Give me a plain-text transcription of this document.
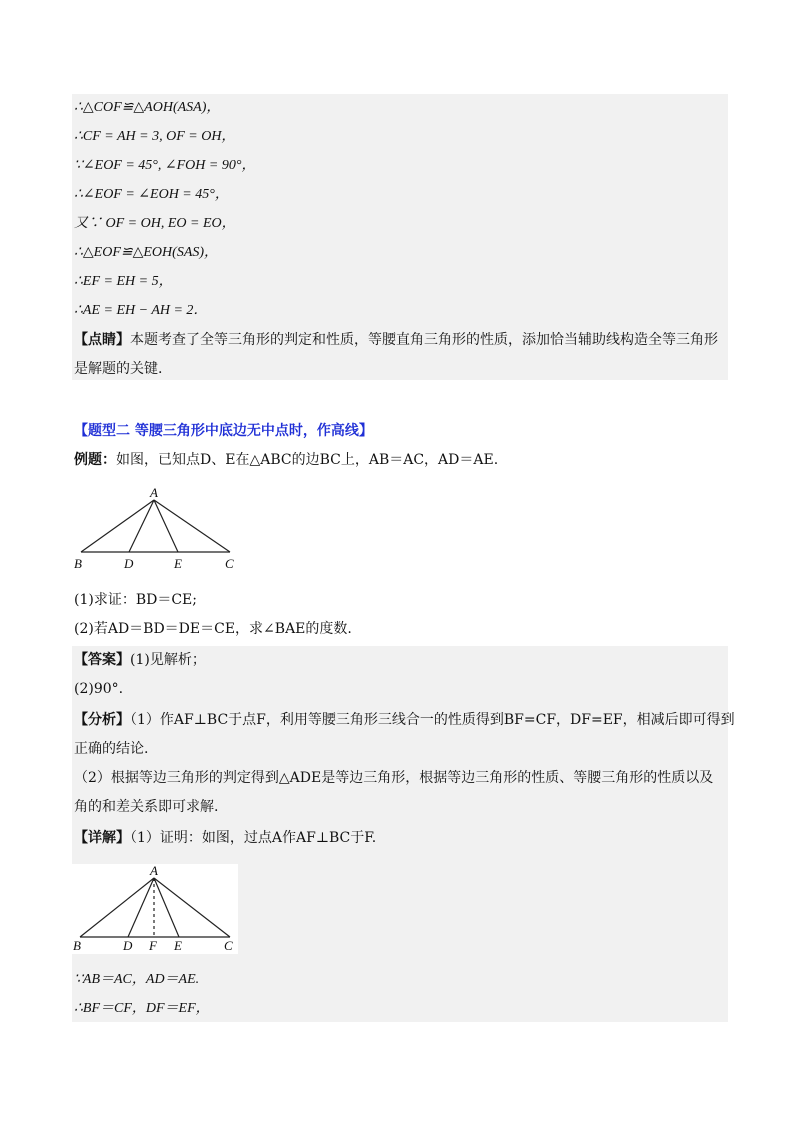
∴△COF≌△AOH(ASA)，
∴CF = AH = 3, OF = OH，
∵∠EOF = 45°, ∠FOH = 90°，
∴∠EOF = ∠EOH = 45°，
又∵ OF = OH, EO = EO，
∴△EOF≌△EOH(SAS)，
∴EF = EH = 5，
∴AE = EH − AH = 2．
【点睛】本题考查了全等三角形的判定和性质，等腰直角三角形的性质，添加恰当辅助线构造全等三角形
是解题的关键.
【题型二 等腰三角形中底边无中点时，作高线】
例题：如图，已知点D、E在△ABC的边BC上，AB＝AC，AD＝AE.
A
B	D	E	C
(1)求证：BD＝CE;
(2)若AD＝BD＝DE＝CE，求∠BAE的度数.
【答案】(1)见解析；
(2)90°.
【分析】（1）作AF⊥BC于点F，利用等腰三角形三线合一的性质得到BF=CF，DF=EF，相减后即可得到
正确的结论.
（2）根据等边三角形的判定得到△ADE是等边三角形，根据等边三角形的性质、等腰三角形的性质以及
角的和差关系即可求解.
【详解】（1）证明：如图，过点A作AF⊥BC于F.
A
B	D F E	C
∵AB＝AC，AD＝AE.
∴BF＝CF，DF＝EF，
